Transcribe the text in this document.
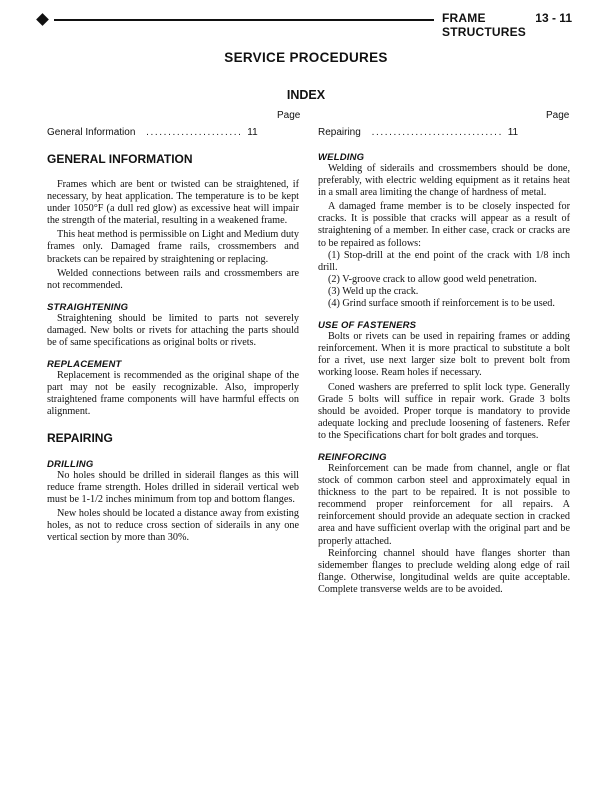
FRAME STRUCTURES
13 - 11
SERVICE PROCEDURES
INDEX
Page	Page
General Information ...................... 11	Repairing .............................. 11
GENERAL INFORMATION

Frames which are bent or twisted can be straightened, if necessary, by heat application. The temperature is to be kept under 1050°F (a dull red glow) as excessive heat will impair the strength of the material, resulting in a weakened frame.

This heat method is permissible on Light and Medium duty frames only. Damaged frame rails, crossmembers and brackets can be repaired by straightening or replacing.

Welded connections between rails and crossmembers are not recommended.

STRAIGHTENING

Straightening should be limited to parts not severely damaged. New bolts or rivets for attaching the parts should be of same specifications as original bolts or rivets.

REPLACEMENT

Replacement is recommended as the original shape of the part may not be easily recognizable. Also, improperly straightened frame components will have harmful effects on alignment.

REPAIRING
DRILLING

No holes should be drilled in siderail flanges as this will reduce frame strength. Holes drilled in siderail vertical web must be 1-1/2 inches minimum from top and bottom flanges.

New holes should be located a distance away from existing holes, as not to reduce cross section of siderails in any one vertical section by more than 30%.

WELDING

Welding of siderails and crossmembers should be done, preferably, with electric welding equipment as it retains heat in a small area limiting the change of hardness of metal.

A damaged frame member is to be closely inspected for cracks. It is possible that cracks will appear as a result of straightening of a member. In either case, crack or cracks are to be repaired as follows:

(1) Stop-drill at the end point of the crack with 1/8 inch drill.

(2) V-groove crack to allow good weld penetration.

(3) Weld up the crack.

(4) Grind surface smooth if reinforcement is to be used.

USE OF FASTENERS

Bolts or rivets can be used in repairing frames or adding reinforcement. When it is more practical to substitute a bolt for a rivet, use next larger size bolt to prevent bolt from working loose. Ream holes if necessary.

Coned washers are preferred to split lock type. Generally Grade 5 bolts will suffice in repair work. Grade 3 bolts should be avoided. Proper torque is mandatory to provide adequate locking and preclude loosening of fasteners. Refer to the Specifications chart for bolt grades and torques.

REINFORCING

Reinforcement can be made from channel, angle or flat stock of common carbon steel and approximately equal in thickness to the part to be repaired. It is not possible to recommend proper reinforcement for all repairs. A reinforcement should provide an adequate section in cracked area and have sufficient overlap with the original part and be properly attached.

Reinforcing channel should have flanges shorter than sidemember flanges to preclude welding along edge of rail flange. Otherwise, longitudinal welds are quite acceptable. Complete transverse welds are to be avoided.
